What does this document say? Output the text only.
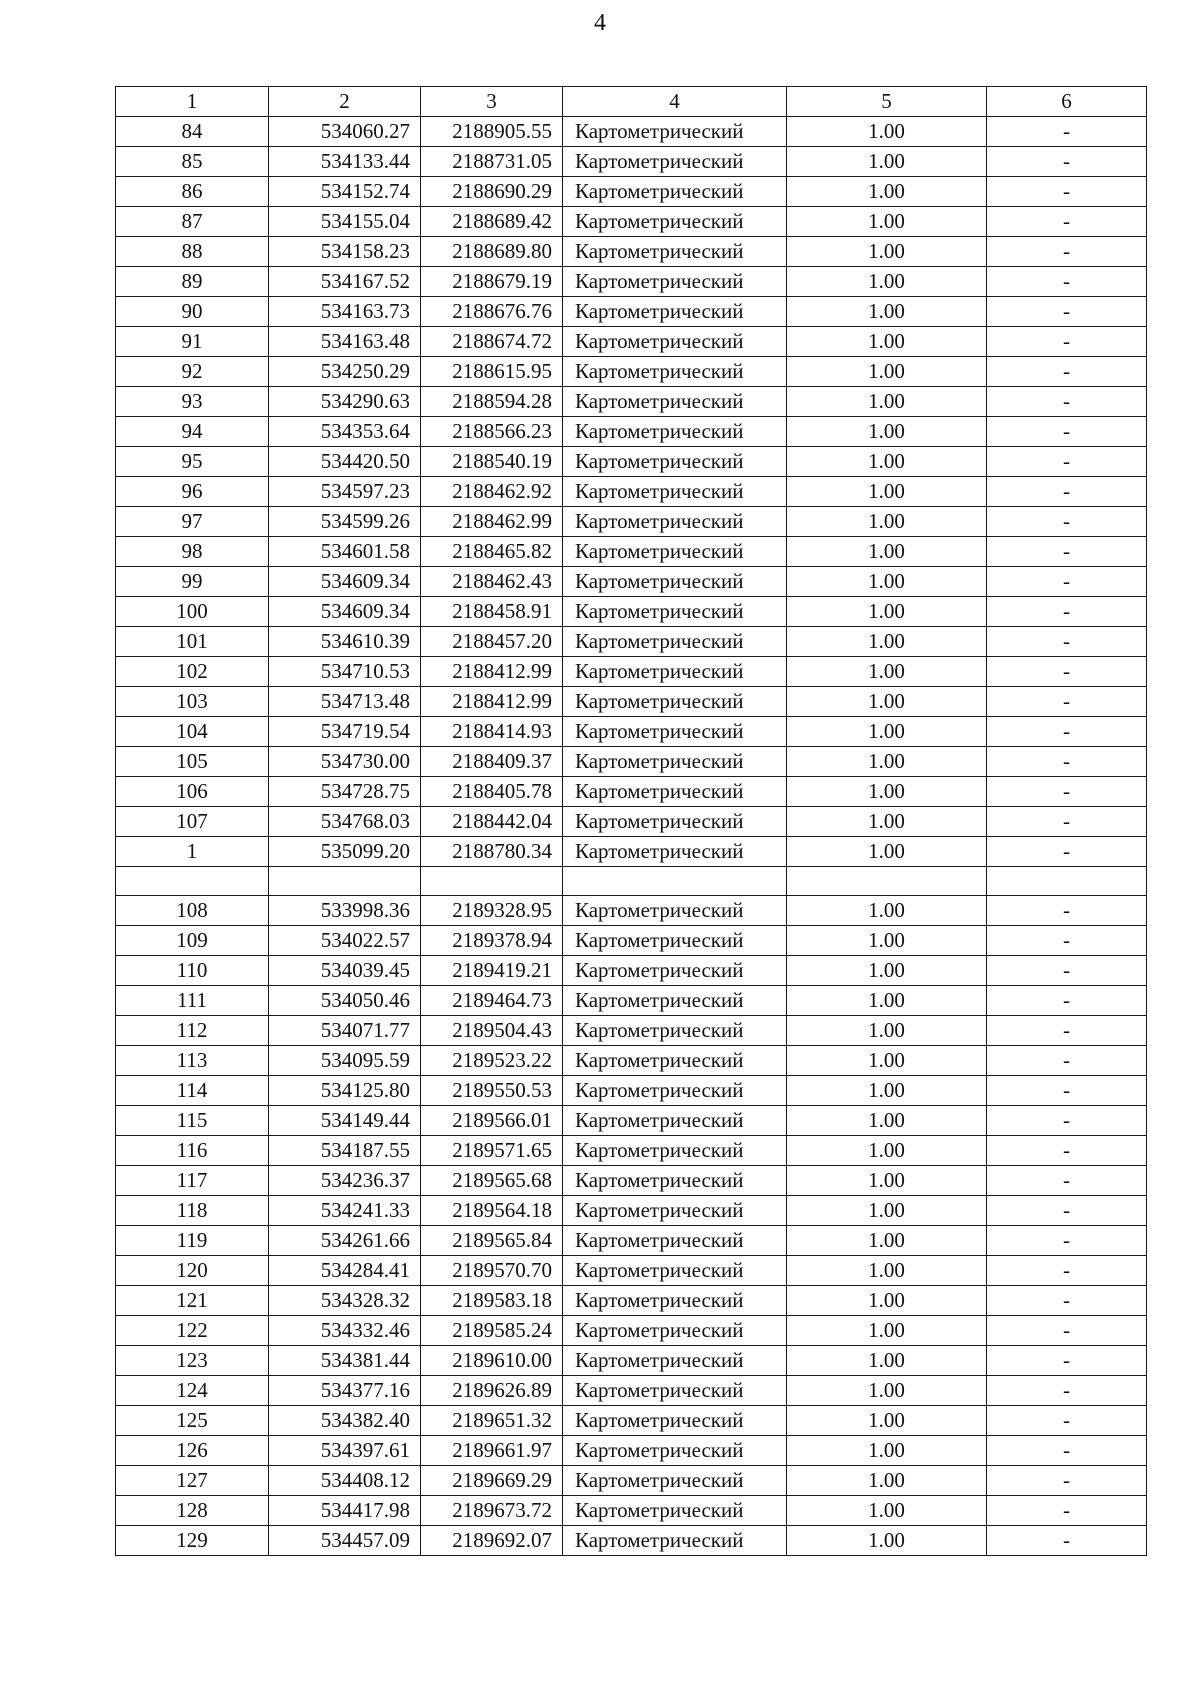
4
1	2	3	4	5	6
84	534060.27	2188905.55	Картометрический	1.00	-
85	534133.44	2188731.05	Картометрический	1.00	-
86	534152.74	2188690.29	Картометрический	1.00	-
87	534155.04	2188689.42	Картометрический	1.00	-
88	534158.23	2188689.80	Картометрический	1.00	-
89	534167.52	2188679.19	Картометрический	1.00	-
90	534163.73	2188676.76	Картометрический	1.00	-
91	534163.48	2188674.72	Картометрический	1.00	-
92	534250.29	2188615.95	Картометрический	1.00	-
93	534290.63	2188594.28	Картометрический	1.00	-
94	534353.64	2188566.23	Картометрический	1.00	-
95	534420.50	2188540.19	Картометрический	1.00	-
96	534597.23	2188462.92	Картометрический	1.00	-
97	534599.26	2188462.99	Картометрический	1.00	-
98	534601.58	2188465.82	Картометрический	1.00	-
99	534609.34	2188462.43	Картометрический	1.00	-
100	534609.34	2188458.91	Картометрический	1.00	-
101	534610.39	2188457.20	Картометрический	1.00	-
102	534710.53	2188412.99	Картометрический	1.00	-
103	534713.48	2188412.99	Картометрический	1.00	-
104	534719.54	2188414.93	Картометрический	1.00	-
105	534730.00	2188409.37	Картометрический	1.00	-
106	534728.75	2188405.78	Картометрический	1.00	-
107	534768.03	2188442.04	Картометрический	1.00	-
1	535099.20	2188780.34	Картометрический	1.00	-

108	533998.36	2189328.95	Картометрический	1.00	-
109	534022.57	2189378.94	Картометрический	1.00	-
110	534039.45	2189419.21	Картометрический	1.00	-
111	534050.46	2189464.73	Картометрический	1.00	-
112	534071.77	2189504.43	Картометрический	1.00	-
113	534095.59	2189523.22	Картометрический	1.00	-
114	534125.80	2189550.53	Картометрический	1.00	-
115	534149.44	2189566.01	Картометрический	1.00	-
116	534187.55	2189571.65	Картометрический	1.00	-
117	534236.37	2189565.68	Картометрический	1.00	-
118	534241.33	2189564.18	Картометрический	1.00	-
119	534261.66	2189565.84	Картометрический	1.00	-
120	534284.41	2189570.70	Картометрический	1.00	-
121	534328.32	2189583.18	Картометрический	1.00	-
122	534332.46	2189585.24	Картометрический	1.00	-
123	534381.44	2189610.00	Картометрический	1.00	-
124	534377.16	2189626.89	Картометрический	1.00	-
125	534382.40	2189651.32	Картометрический	1.00	-
126	534397.61	2189661.97	Картометрический	1.00	-
127	534408.12	2189669.29	Картометрический	1.00	-
128	534417.98	2189673.72	Картометрический	1.00	-
129	534457.09	2189692.07	Картометрический	1.00	-
